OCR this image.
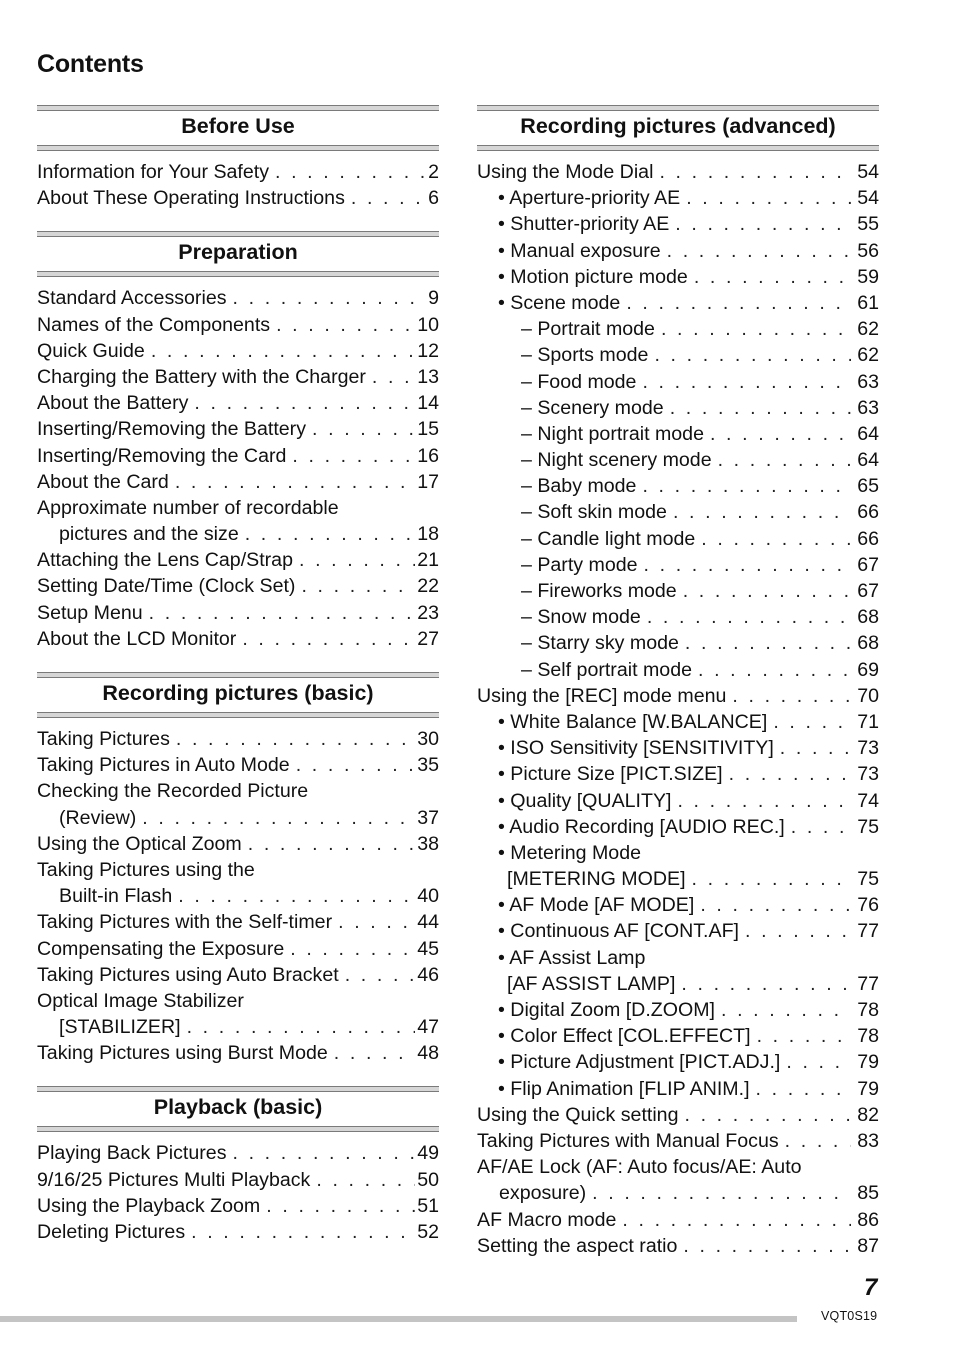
Contents
Before Use
Information for Your Safety . . .	2
About These Operating Instructions . . .	6
Preparation
Standard Accessories . . .	9
Names of the Components . . .	10
Quick Guide . . .	12
Charging the Battery with the Charger . . .	13
About the Battery . . .	14
Inserting/Removing the Battery . . .	15
Inserting/Removing the Card . . .	16
About the Card . . .	17
Approximate number of recordable
pictures and the size . . .	18
Attaching the Lens Cap/Strap . . .	21
Setting Date/Time (Clock Set) . . .	22
Setup Menu . . .	23
About the LCD Monitor . . .	27
Recording pictures (basic)
Taking Pictures . . .	30
Taking Pictures in Auto Mode . . .	35
Checking the Recorded Picture
(Review) . . .	37
Using the Optical Zoom . . .	38
Taking Pictures using the
Built-in Flash . . .	40
Taking Pictures with the Self-timer . . .	44
Compensating the Exposure . . .	45
Taking Pictures using Auto Bracket . . .	46
Optical Image Stabilizer
[STABILIZER] . . .	47
Taking Pictures using Burst Mode . . .	48
Playback (basic)
Playing Back Pictures . . .	49
9/16/25 Pictures Multi Playback . . .	50
Using the Playback Zoom . . .	51
Deleting Pictures . . .	52
Recording pictures (advanced)
Using the Mode Dial . . .	54
• Aperture-priority AE . . .	54
• Shutter-priority AE . . .	55
• Manual exposure . . .	56
• Motion picture mode . . .	59
• Scene mode . . .	61
– Portrait mode . . .	62
– Sports mode . . .	62
– Food mode . . .	63
– Scenery mode . . .	63
– Night portrait mode . . .	64
– Night scenery mode . . .	64
– Baby mode . . .	65
– Soft skin mode . . .	66
– Candle light mode . . .	66
– Party mode . . .	67
– Fireworks mode . . .	67
– Snow mode . . .	68
– Starry sky mode . . .	68
– Self portrait mode . . .	69
Using the [REC] mode menu . . .	70
• White Balance [W.BALANCE] . . .	71
• ISO Sensitivity [SENSITIVITY] . . .	73
• Picture Size [PICT.SIZE] . . .	73
• Quality [QUALITY] . . .	74
• Audio Recording [AUDIO REC.] . . .	75
• Metering Mode
[METERING MODE] . . .	75
• AF Mode [AF MODE] . . .	76
• Continuous AF [CONT.AF] . . .	77
• AF Assist Lamp
[AF ASSIST LAMP] . . .	77
• Digital Zoom [D.ZOOM] . . .	78
• Color Effect [COL.EFFECT] . . .	78
• Picture Adjustment [PICT.ADJ.] . . .	79
• Flip Animation [FLIP ANIM.] . . .	79
Using the Quick setting . . .	82
Taking Pictures with Manual Focus . . .	83
AF/AE Lock (AF: Auto focus/AE: Auto
exposure) . . .	85
AF Macro mode . . .	86
Setting the aspect ratio . . .	87
7
VQT0S19
